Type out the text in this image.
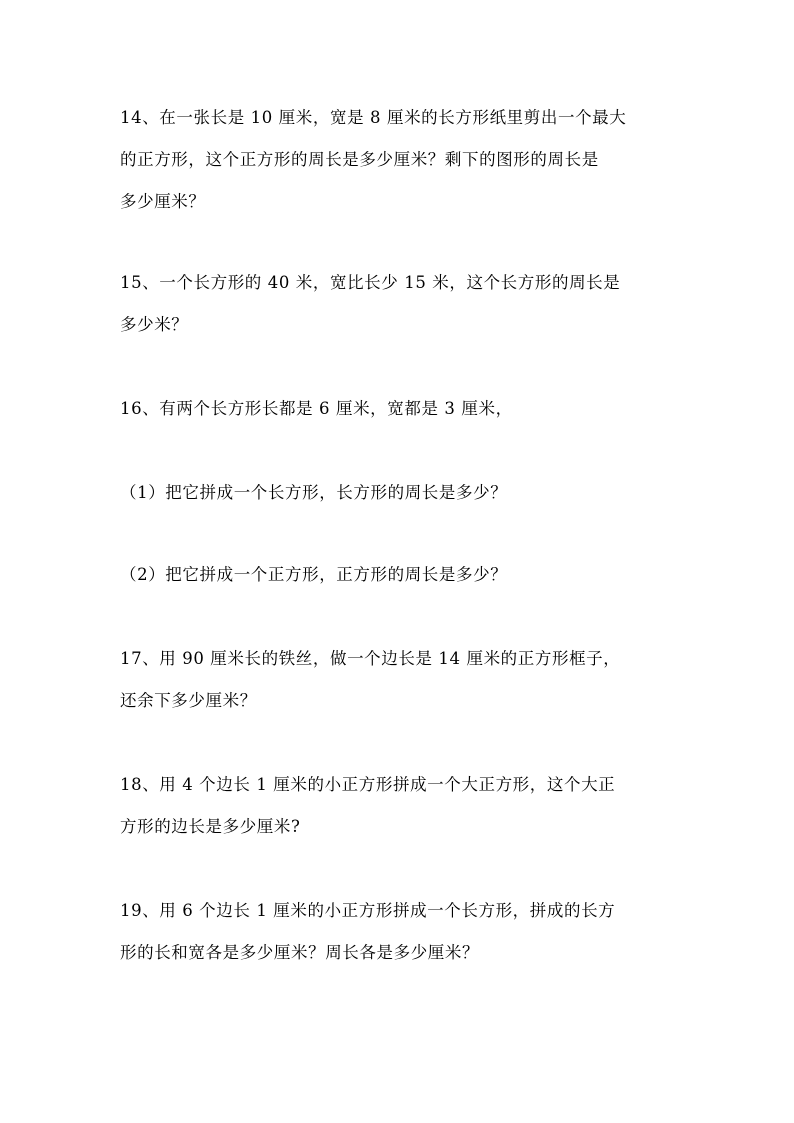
14、在一张长是 10 厘米，宽是 8 厘米的长方形纸里剪出一个最大
的正方形，这个正方形的周长是多少厘米？剩下的图形的周长是
多少厘米？
15、一个长方形的 40 米，宽比长少 15 米，这个长方形的周长是
多少米？
16、有两个长方形长都是 6 厘米，宽都是 3 厘米，
（1）把它拼成一个长方形，长方形的周长是多少？
（2）把它拼成一个正方形，正方形的周长是多少？
17、用 90 厘米长的铁丝，做一个边长是 14 厘米的正方形框子，
还余下多少厘米？
18、用 4 个边长 1 厘米的小正方形拼成一个大正方形，这个大正
方形的边长是多少厘米?
19、用 6 个边长 1 厘米的小正方形拼成一个长方形，拼成的长方
形的长和宽各是多少厘米？周长各是多少厘米？
